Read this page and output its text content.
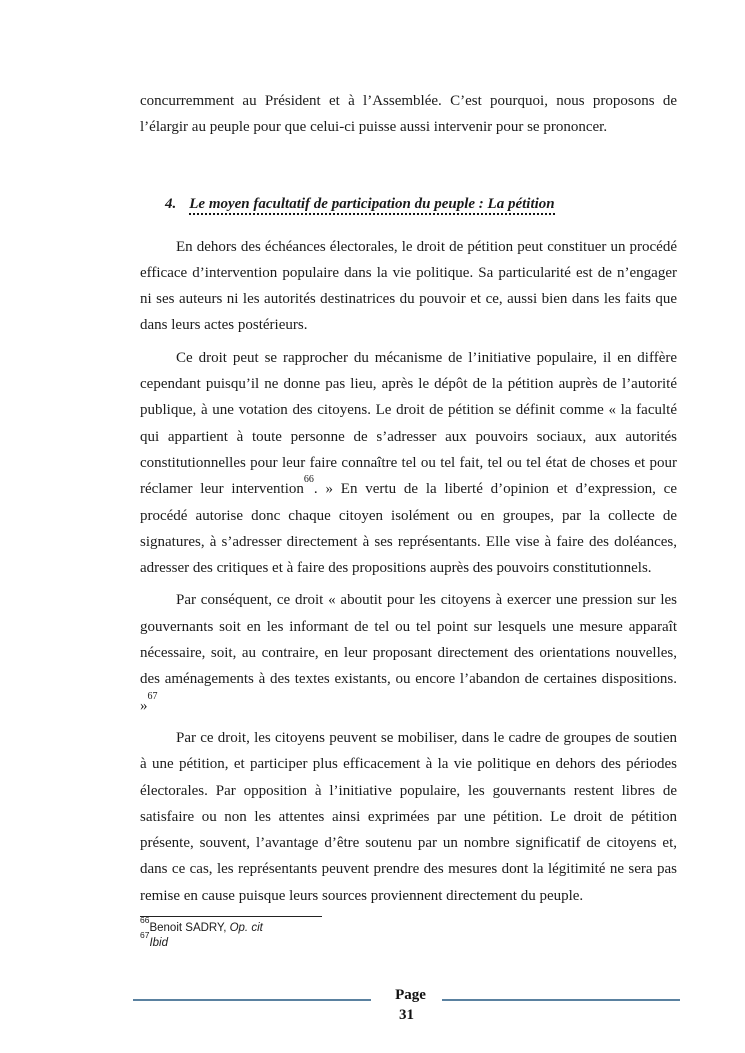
concurremment au Président et à l’Assemblée. C’est pourquoi, nous proposons de l’élargir au peuple pour que celui-ci puisse aussi intervenir pour se prononcer.

4. Le moyen facultatif de participation du peuple : La pétition

En dehors des échéances électorales, le droit de pétition peut constituer un procédé efficace d’intervention populaire dans la vie politique. Sa particularité est de n’engager ni ses auteurs ni les autorités destinatrices du pouvoir et ce, aussi bien dans les faits que dans leurs actes postérieurs.

Ce droit peut se rapprocher du mécanisme de l’initiative populaire, il en diffère cependant puisqu’il ne donne pas lieu, après le dépôt de la pétition auprès de l’autorité publique, à une votation des citoyens. Le droit de pétition se définit comme « la faculté qui appartient à toute personne de s’adresser aux pouvoirs sociaux, aux autorités constitutionnelles pour leur faire connaître tel ou tel fait, tel ou tel état de choses et pour réclamer leur intervention$^{66}$. » En vertu de la liberté d’opinion et d’expression, ce procédé autorise donc chaque citoyen isolément ou en groupes, par la collecte de signatures, à s’adresser directement à ses représentants. Elle vise à faire des doléances, adresser des critiques et à faire des propositions auprès des pouvoirs constitutionnels.

Par conséquent, ce droit « aboutit pour les citoyens à exercer une pression sur les gouvernants soit en les informant de tel ou tel point sur lesquels une mesure apparaît nécessaire, soit, au contraire, en leur proposant directement des orientations nouvelles, des aménagements à des textes existants, ou encore l’abandon de certaines dispositions. »$^{67}$

Par ce droit, les citoyens peuvent se mobiliser, dans le cadre de groupes de soutien à une pétition, et participer plus efficacement à la vie politique en dehors des périodes électorales. Par opposition à l’initiative populaire, les gouvernants restent libres de satisfaire ou non les attentes ainsi exprimées par une pétition. Le droit de pétition présente, souvent, l’avantage d’être soutenu par un nombre significatif de citoyens et, dans ce cas, les représentants peuvent prendre des mesures dont la légitimité ne sera pas remise en cause puisque leurs sources proviennent directement du peuple.

$^{66}$Benoit SADRY, Op. cit
$^{67}$Ibid
Page
31
